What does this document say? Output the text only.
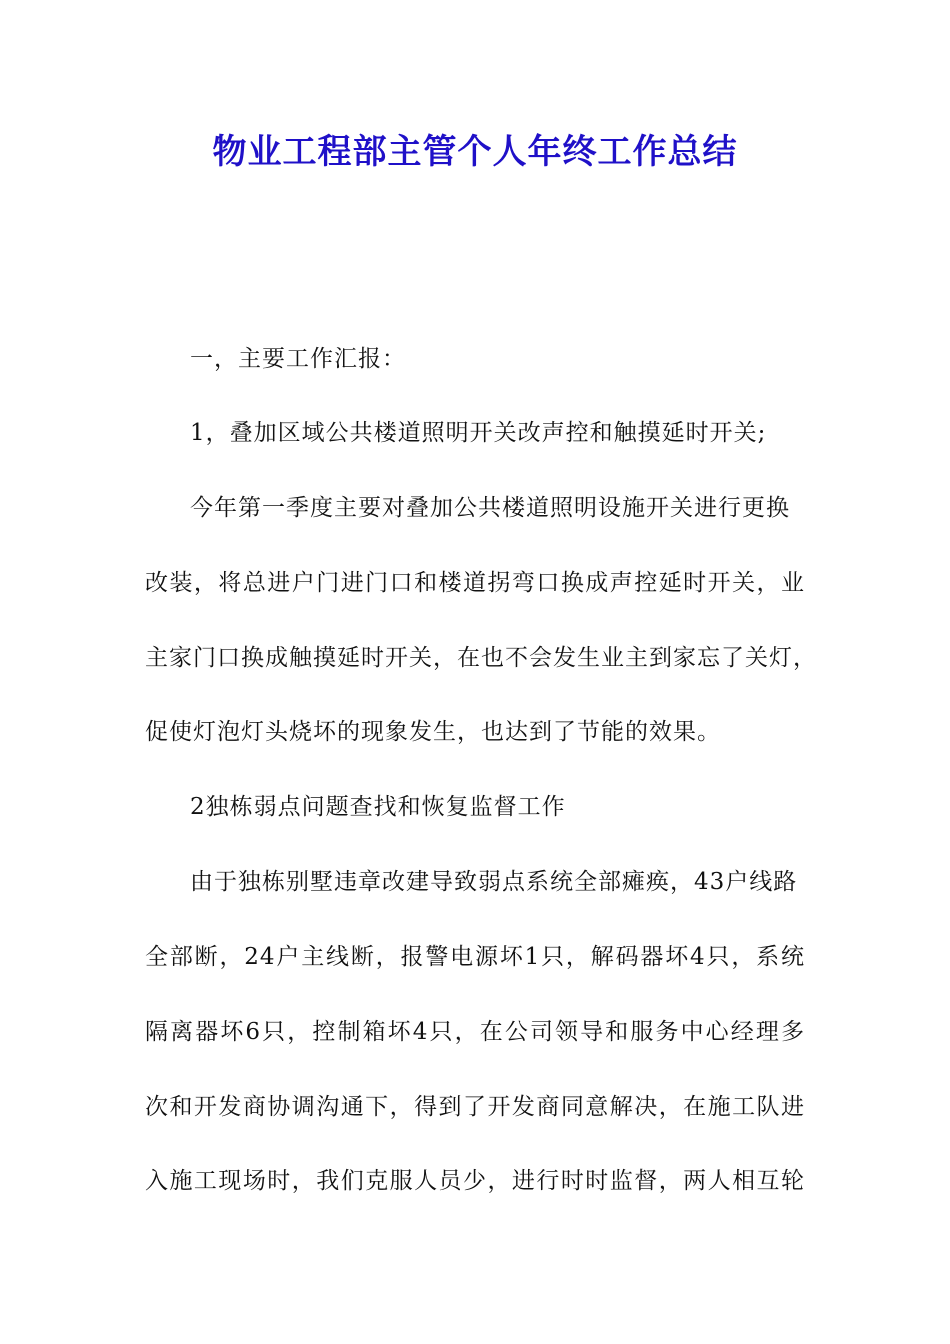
物业工程部主管个人年终工作总结
一，主要工作汇报：
1，叠加区域公共楼道照明开关改声控和触摸延时开关;
今年第一季度主要对叠加公共楼道照明设施开关进行更换
改装，将总进户门进门口和楼道拐弯口换成声控延时开关，业
主家门口换成触摸延时开关，在也不会发生业主到家忘了关灯，
促使灯泡灯头烧坏的现象发生，也达到了节能的效果。
2独栋弱点问题查找和恢复监督工作
由于独栋别墅违章改建导致弱点系统全部瘫痪，43户线路
全部断，24户主线断，报警电源坏1只，解码器坏4只，系统
隔离器坏6只，控制箱坏4只，在公司领导和服务中心经理多
次和开发商协调沟通下，得到了开发商同意解决，在施工队进
入施工现场时，我们克服人员少，进行时时监督，两人相互轮
